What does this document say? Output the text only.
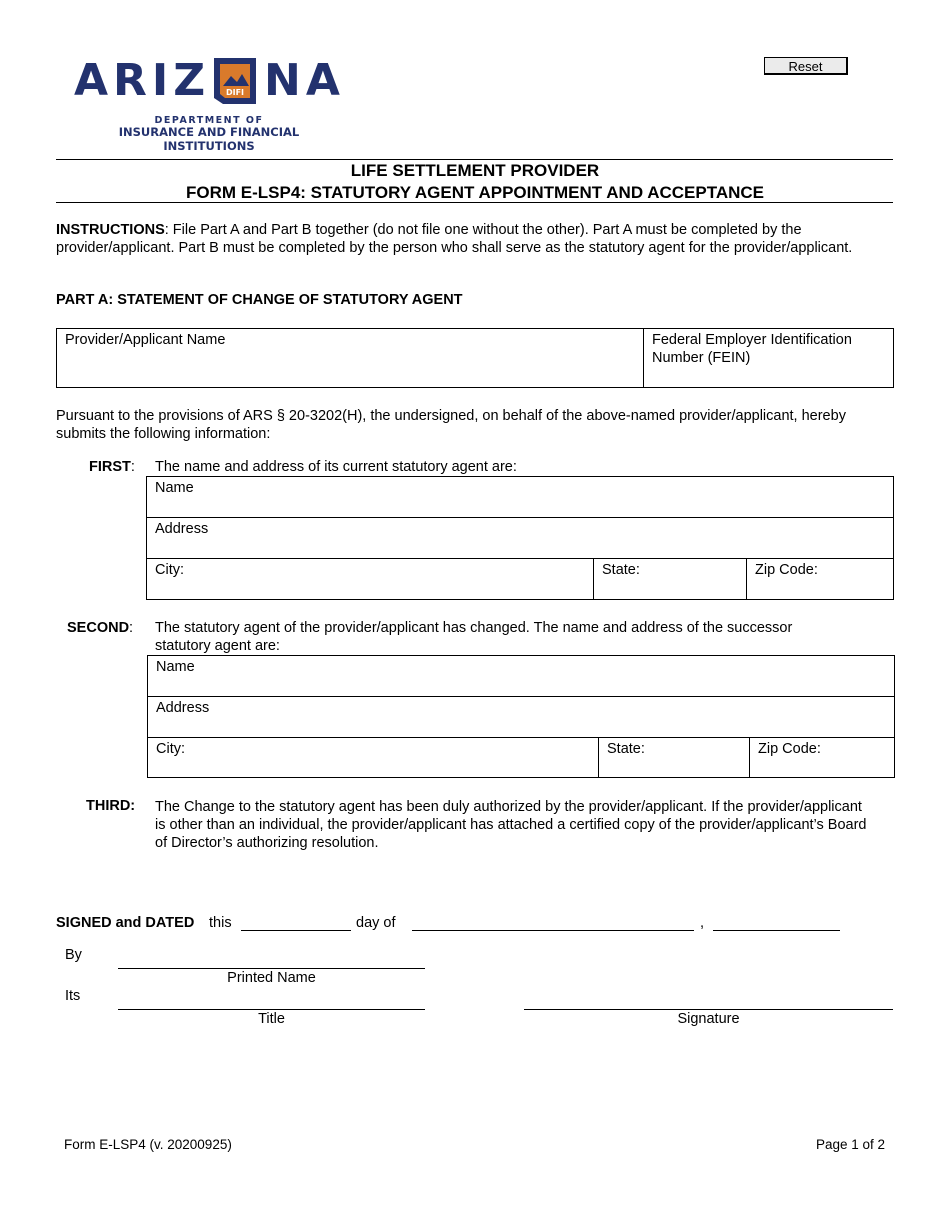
ARIZ DIFI NA
DEPARTMENT OF
INSURANCE AND FINANCIAL INSTITUTIONS
Reset
LIFE SETTLEMENT PROVIDER
FORM E-LSP4: STATUTORY AGENT APPOINTMENT AND ACCEPTANCE
INSTRUCTIONS: File Part A and Part B together (do not file one without the other). Part A must be completed by the provider/applicant. Part B must be completed by the person who shall serve as the statutory agent for the provider/applicant.
PART A: STATEMENT OF CHANGE OF STATUTORY AGENT
Provider/Applicant Name	Federal Employer Identification
Number (FEIN)
Pursuant to the provisions of ARS § 20-3202(H), the undersigned, on behalf of the above-named provider/applicant, hereby submits the following information:
FIRST: The name and address of its current statutory agent are:
Name
Address
City:	State:	Zip Code:
SECOND: The statutory agent of the provider/applicant has changed. The name and address of the successor
statutory agent are:
Name
Address
City:	State:	Zip Code:
THIRD: The Change to the statutory agent has been duly authorized by the provider/applicant. If the provider/applicant is other than an individual, the provider/applicant has attached a certified copy of the provider/applicant’s Board of Director’s authorizing resolution.
SIGNED and DATED this	day of	,
By
Printed Name
Its
Title	Signature
Form E-LSP4 (v. 20200925)	Page 1 of 2
